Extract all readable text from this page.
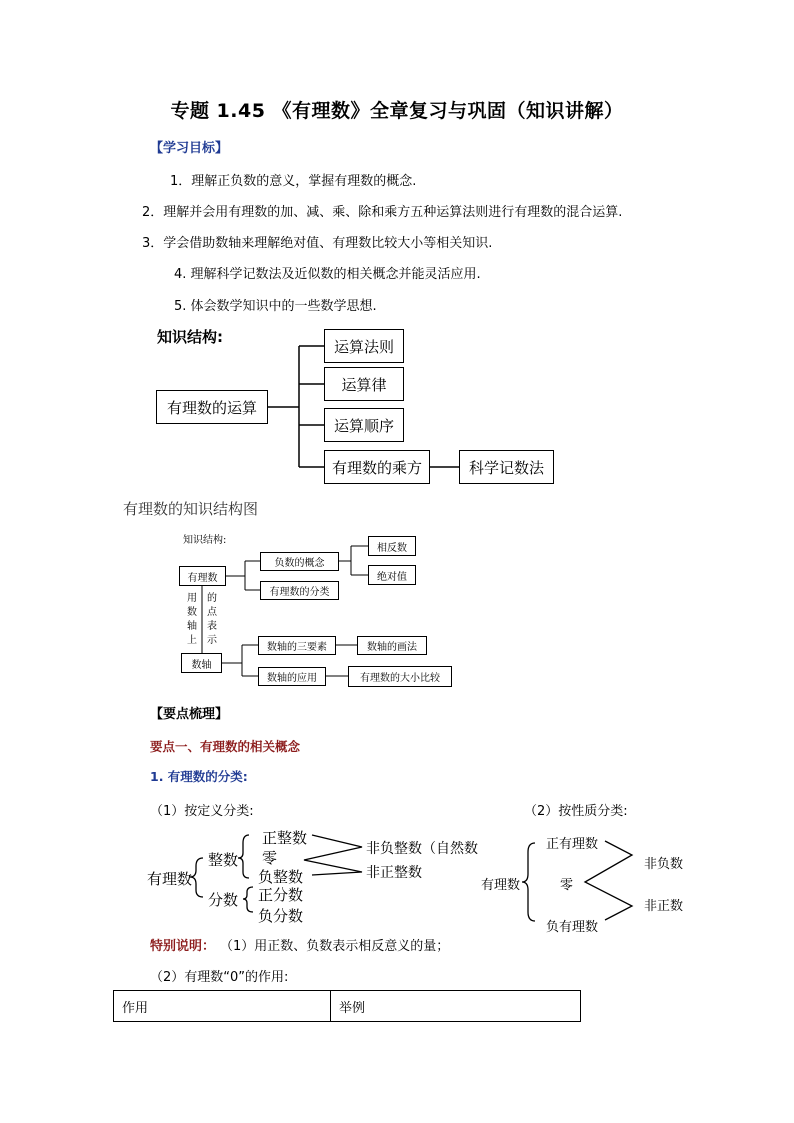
专题 1.45 《有理数》全章复习与巩固（知识讲解）
【学习目标】
1．理解正负数的意义，掌握有理数的概念.
2．理解并会用有理数的加、减、乘、除和乘方五种运算法则进行有理数的混合运算.
3．学会借助数轴来理解绝对值、有理数比较大小等相关知识.
4. 理解科学记数法及近似数的相关概念并能灵活应用.
5. 体会数学知识中的一些数学思想.
知识结构:
有理数的运算
运算法则
运算律
运算顺序
有理数的乘方	科学记数法
有理数的知识结构图
知识结构:
有理数
负数的概念
有理数的分类
相反数
绝对值
用
数
轴
上
的
点
表
示
数轴
数轴的三要素
数轴的应用
数轴的画法
有理数的大小比较
【要点梳理】
要点一、有理数的相关概念
1. 有理数的分类:
（1）按定义分类:	（2）按性质分类:
有理数
整数
分数
正整数
零
负整数
正分数
负分数
非负整数（自然数
非正整数
有理数
正有理数
零
负有理数
非负数
非正数
特别说明： （1）用正数、负数表示相反意义的量；
（2）有理数“0”的作用:
作用	举例
